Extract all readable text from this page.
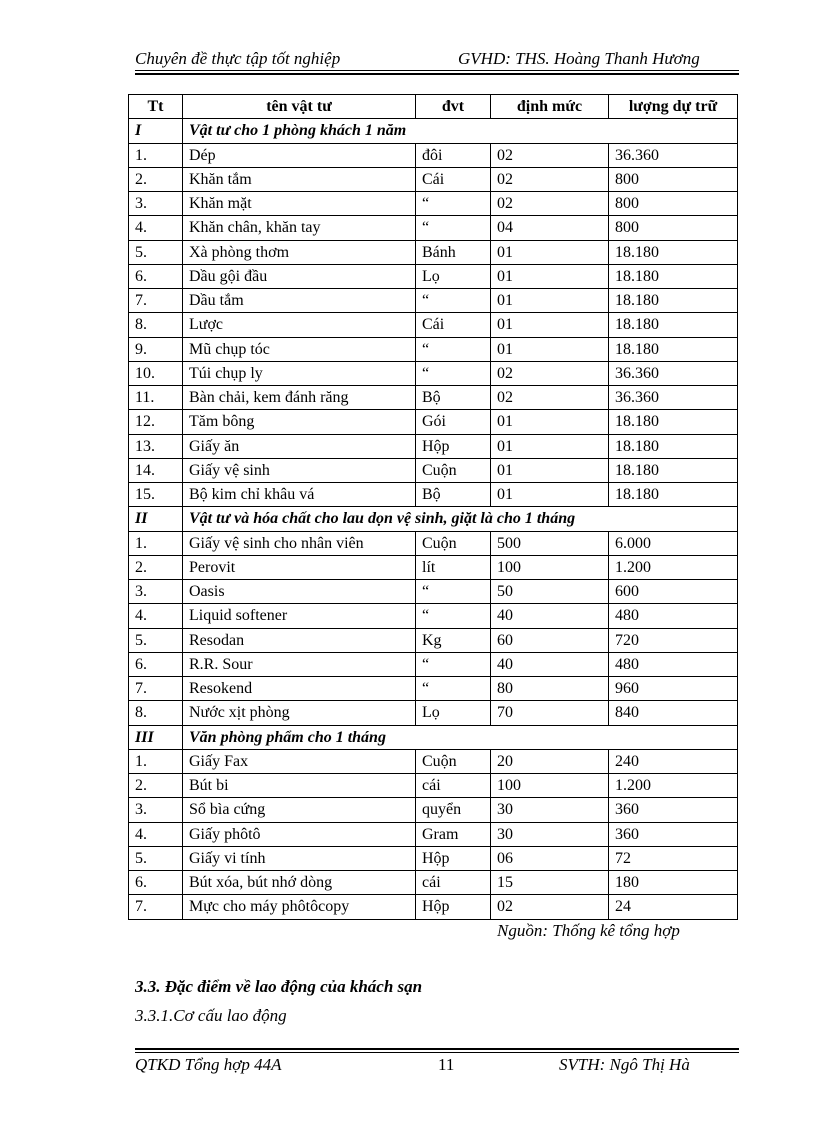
Chuyên đề thực tập tốt nghiệp	GVHD: THS. Hoàng Thanh Hương
Tt	tên vật tư	đvt	định mức	lượng dự trữ
I	Vật tư cho 1 phòng khách 1 năm			
1.	Dép	đôi	02	36.360
2.	Khăn tắm	Cái	02	800
3.	Khăn mặt	“	02	800
4.	Khăn chân, khăn tay	“	04	800
5.	Xà phòng thơm	Bánh	01	18.180
6.	Dầu gội đầu	Lọ	01	18.180
7.	Dầu tắm	“	01	18.180
8.	Lược	Cái	01	18.180
9.	Mũ chụp tóc	“	01	18.180
10.	Túi chụp ly	“	02	36.360
11.	Bàn chải, kem đánh răng	Bộ	02	36.360
12.	Tăm bông	Gói	01	18.180
13.	Giấy ăn	Hộp	01	18.180
14.	Giấy vệ sinh	Cuộn	01	18.180
15.	Bộ kim chỉ khâu vá	Bộ	01	18.180
II	Vật tư và hóa chất cho lau dọn vệ sinh, giặt là cho 1 tháng			
1.	Giấy vệ sinh cho nhân viên	Cuộn	500	6.000
2.	Perovit	lít	100	1.200
3.	Oasis	“	50	600
4.	Liquid softener	“	40	480
5.	Resodan	Kg	60	720
6.	R.R. Sour	“	40	480
7.	Resokend	“	80	960
8.	Nước xịt phòng	Lọ	70	840
III	Văn phòng phẩm cho 1 tháng			
1.	Giấy Fax	Cuộn	20	240
2.	Bút bi	cái	100	1.200
3.	Sổ bìa cứng	quyển	30	360
4.	Giấy phôtô	Gram	30	360
5.	Giấy vi tính	Hộp	06	72
6.	Bút xóa, bút nhớ dòng	cái	15	180
7.	Mực cho máy phôtôcopy	Hộp	02	24
Nguồn: Thống kê tổng hợp
3.3. Đặc điểm về lao động của khách sạn
3.3.1.Cơ cấu lao động
QTKD Tổng hợp 44A	11	SVTH: Ngô Thị Hà
